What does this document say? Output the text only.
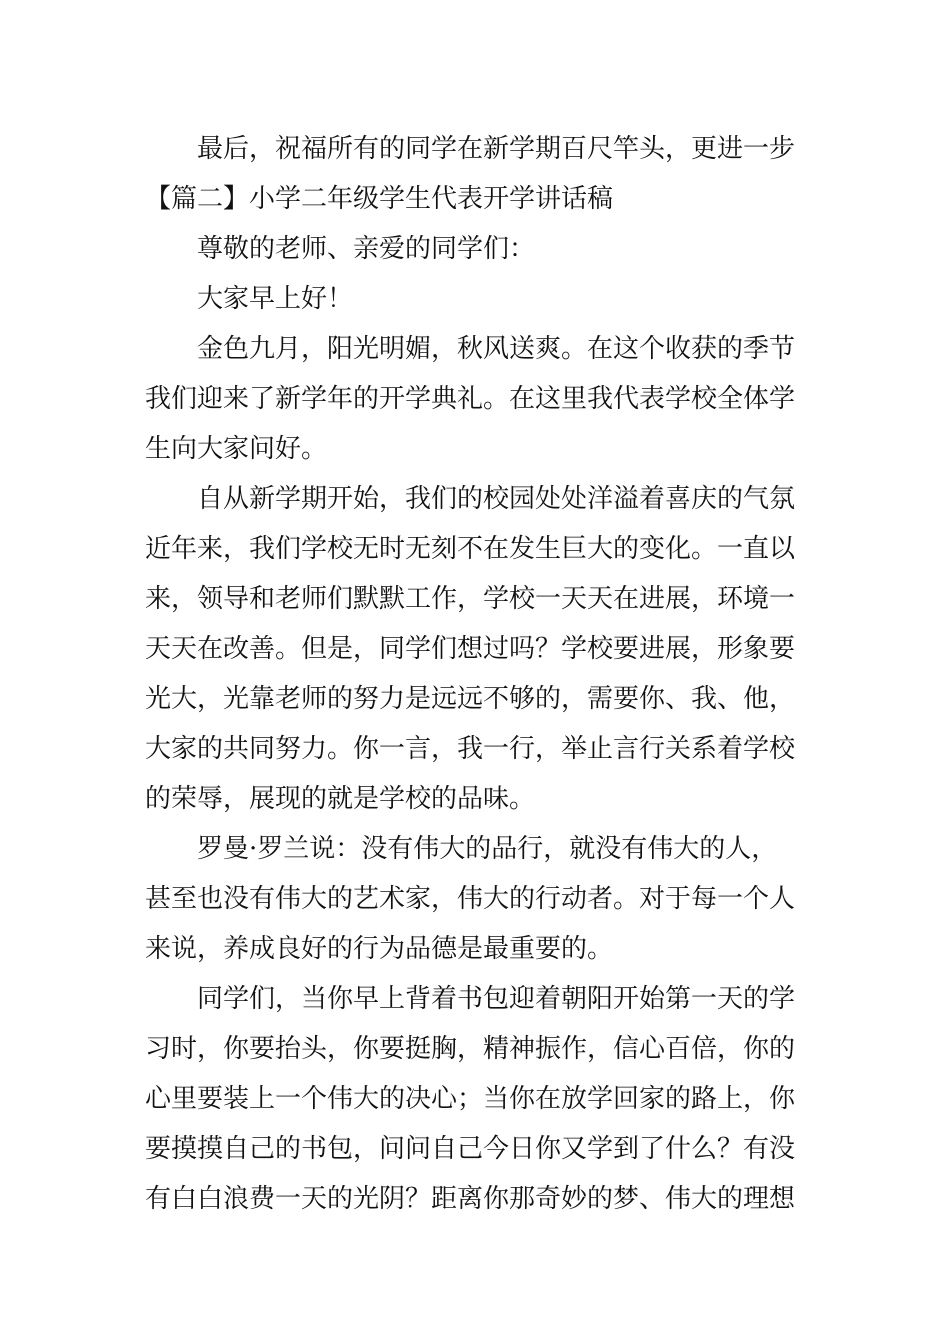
最后，祝福所有的同学在新学期百尺竿头，更进一步
【篇二】小学二年级学生代表开学讲话稿
尊敬的老师、亲爱的同学们：
大家早上好！
金色九月，阳光明媚，秋风送爽。在这个收获的季节
我们迎来了新学年的开学典礼。在这里我代表学校全体学
生向大家问好。
自从新学期开始，我们的校园处处洋溢着喜庆的气氛
近年来，我们学校无时无刻不在发生巨大的变化。一直以
来，领导和老师们默默工作，学校一天天在进展，环境一
天天在改善。但是，同学们想过吗？学校要进展，形象要
光大，光靠老师的努力是远远不够的，需要你、我、他，
大家的共同努力。你一言，我一行，举止言行关系着学校
的荣辱，展现的就是学校的品味。
罗曼·罗兰说：没有伟大的品行，就没有伟大的人，
甚至也没有伟大的艺术家，伟大的行动者。对于每一个人
来说，养成良好的行为品德是最重要的。
同学们，当你早上背着书包迎着朝阳开始第一天的学
习时，你要抬头，你要挺胸，精神振作，信心百倍，你的
心里要装上一个伟大的决心；当你在放学回家的路上，你
要摸摸自己的书包，问问自己今日你又学到了什么？有没
有白白浪费一天的光阴？距离你那奇妙的梦、伟大的理想
